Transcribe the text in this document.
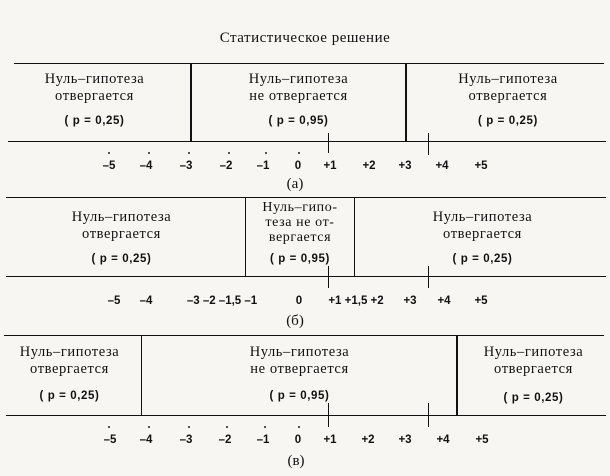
Статистическое решение
Нуль–гипотеза
отвергается
( p = 0,25)
Нуль–гипотеза
не отвергается
( p = 0,95)
Нуль–гипотеза
отвергается
( p = 0,25)
–5 –4 –3 –2 –1 0 +1 +2 +3 +4 +5
(а)
Нуль–гипотеза
отвергается
( p = 0,25)
Нуль–гипо-
теза не от-
вергается
( p = 0,95)
Нуль–гипотеза
отвергается
( p = 0,25)
–5 –4	–3 –2 –1,5 –1	0 +1 +1,5 +2 +3 +4 +5
(б)
Нуль–гипотеза
отвергается
( p = 0,25)
Нуль–гипотеза
не отвергается
( p = 0,95)
Нуль–гипотеза
отвергается
( p = 0,25)
–5 –4 –3 –2 –1 0 +1 +2 +3 +4 +5
(в)
